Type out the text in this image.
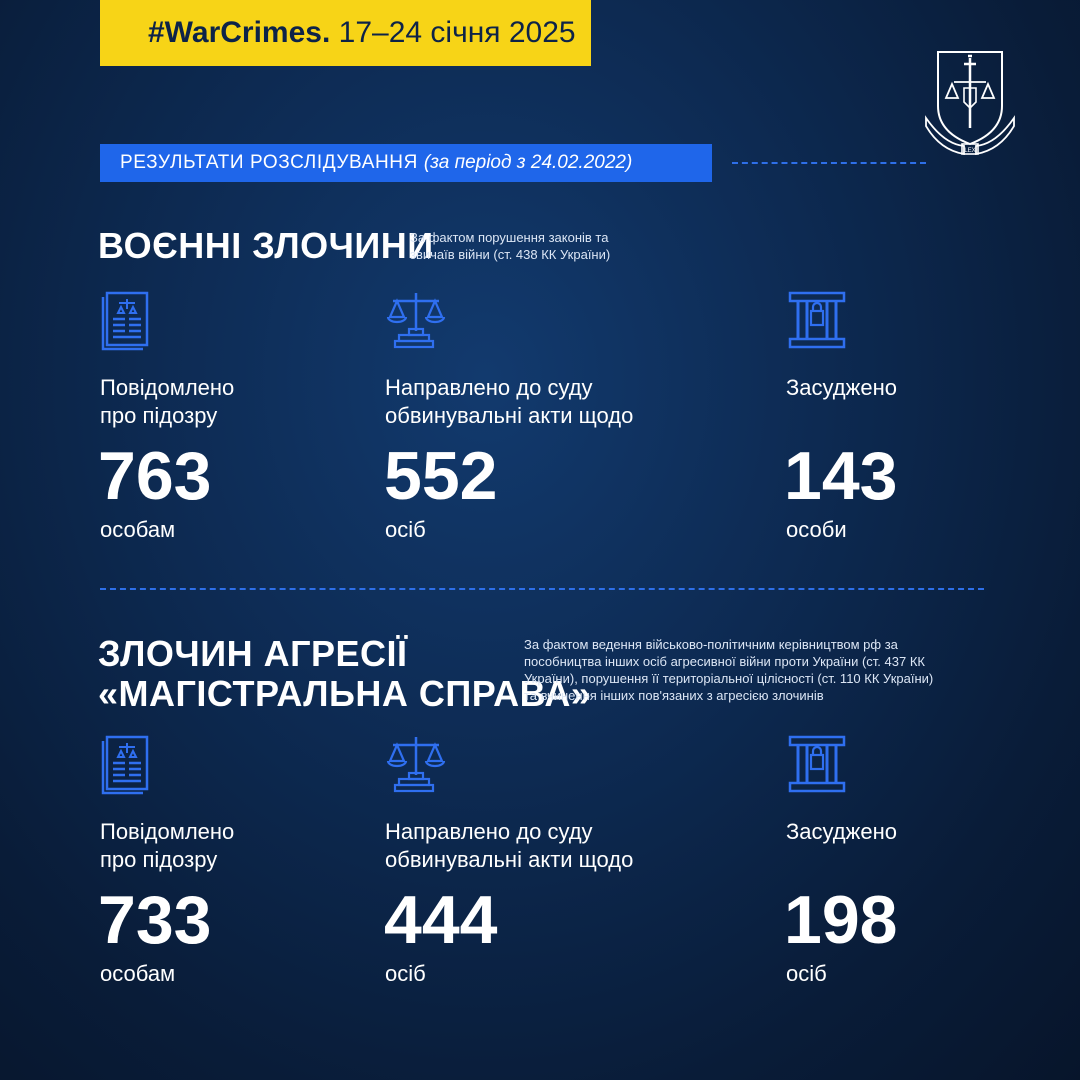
#WarCrimes. 17–24 січня 2025
LEX
РЕЗУЛЬТАТИ РОЗСЛІДУВАННЯ (за період з 24.02.2022)
ВОЄННІ ЗЛОЧИНИ
За фактом порушення законів та
звичаїв війни (ст. 438 КК України)
Повідомлено
про підозру
Направлено до суду
обвинувальні акти щодо
Засуджено
763	552	143
особам	осіб	особи
ЗЛОЧИН АГРЕСІЇ
«МАГІСТРАЛЬНА СПРАВА»
За фактом ведення військово-політичним керівництвом рф за
пособництва інших осіб агресивної війни проти України (ст. 437 КК
України), порушення її територіальної цілісності (ст. 110 КК України)
та вчинення інших пов'язаних з агресією злочинів
Повідомлено
про підозру
Направлено до суду
обвинувальні акти щодо
Засуджено
733	444	198
особам	осіб	осіб
